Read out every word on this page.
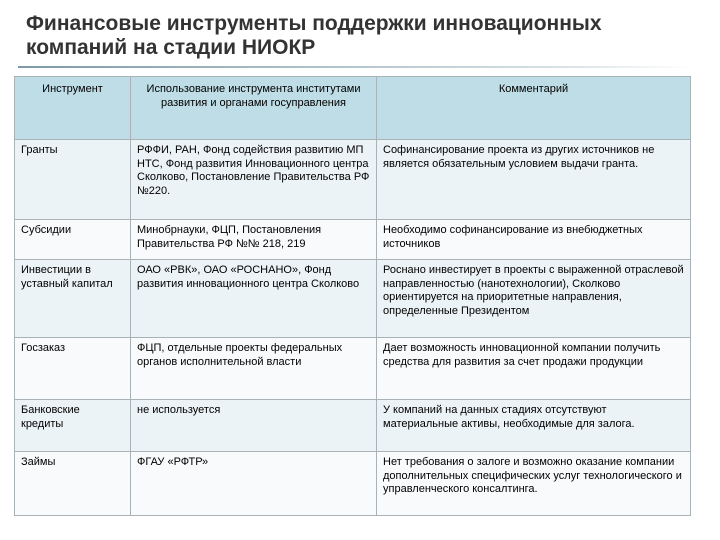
Финансовые инструменты поддержки инновационных компаний на стадии НИОКР
Инструмент	Использование инструмента институтами развития и органами госуправления	Комментарий
Гранты	РФФИ, РАН, Фонд содействия развитию МП НТС, Фонд развития Инновационного центра Сколково, Постановление Правительства РФ №220.	Софинансирование проекта из других источников не является обязательным условием выдачи гранта.
Субсидии	Минобрнауки, ФЦП, Постановления Правительства РФ №№ 218, 219	Необходимо софинансирование из внебюджетных источников
Инвестиции в уставный капитал	ОАО «РВК», ОАО «РОСНАНО», Фонд развития инновационного центра Сколково	Роснано инвестирует в проекты с выраженной отраслевой направленностью (нанотехнологии), Сколково ориентируется на приоритетные направления, определенные Президентом
Госзаказ	ФЦП, отдельные проекты федеральных органов исполнительной власти	Дает возможность инновационной компании получить средства для развития за счет продажи продукции
Банковские кредиты	не используется	У компаний на данных стадиях отсутствуют материальные активы, необходимые для залога.
Займы	ФГАУ «РФТР»	Нет требования о залоге и возможно оказание компании дополнительных специфических услуг технологического и управленческого консалтинга.
